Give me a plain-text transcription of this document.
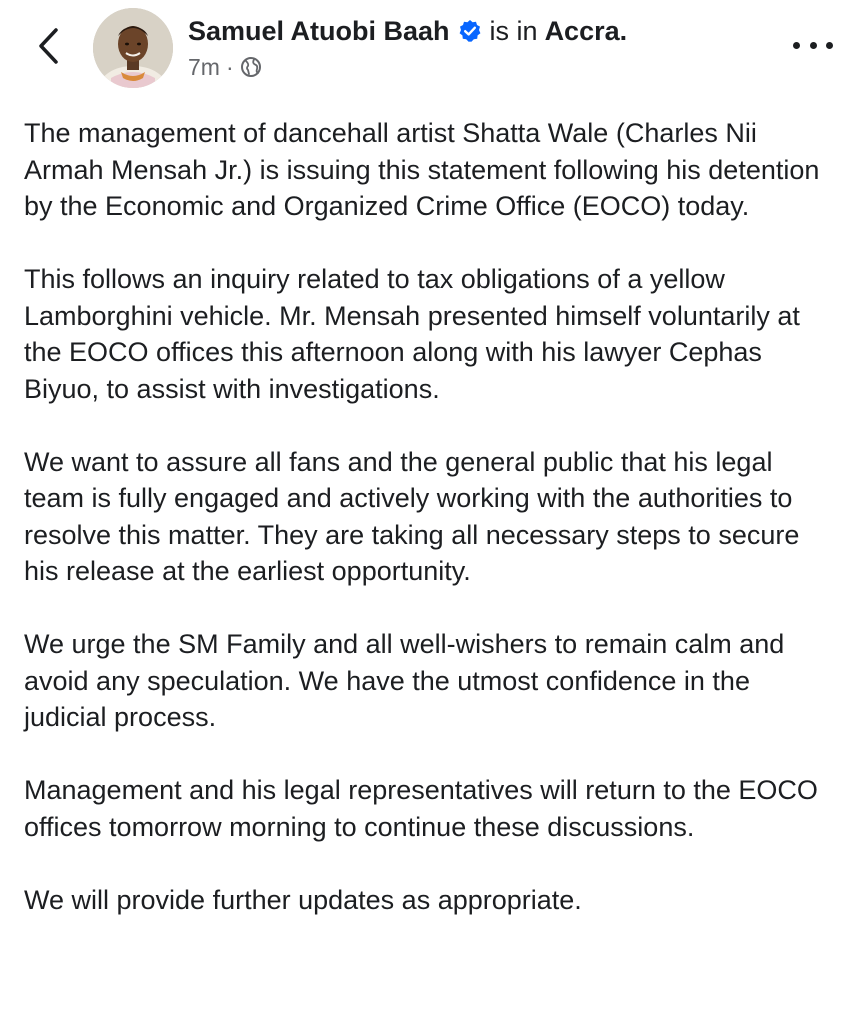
Samuel Atuobi Baah is in Accra.
7m ·

The management of dancehall artist Shatta Wale (Charles Nii Armah Mensah Jr.) is issuing this statement following his detention by the Economic and Organized Crime Office (EOCO) today.

This follows an inquiry related to tax obligations of a yellow Lamborghini vehicle. Mr. Mensah presented himself voluntarily at the EOCO offices this afternoon along with his lawyer Cephas Biyuo, to assist with investigations.

We want to assure all fans and the general public that his legal team is fully engaged and actively working with the authorities to resolve this matter. They are taking all necessary steps to secure his release at the earliest opportunity.

We urge the SM Family and all well-wishers to remain calm and avoid any speculation. We have the utmost confidence in the judicial process.

Management and his legal representatives will return to the EOCO offices tomorrow morning to continue these discussions.

We will provide further updates as appropriate.
